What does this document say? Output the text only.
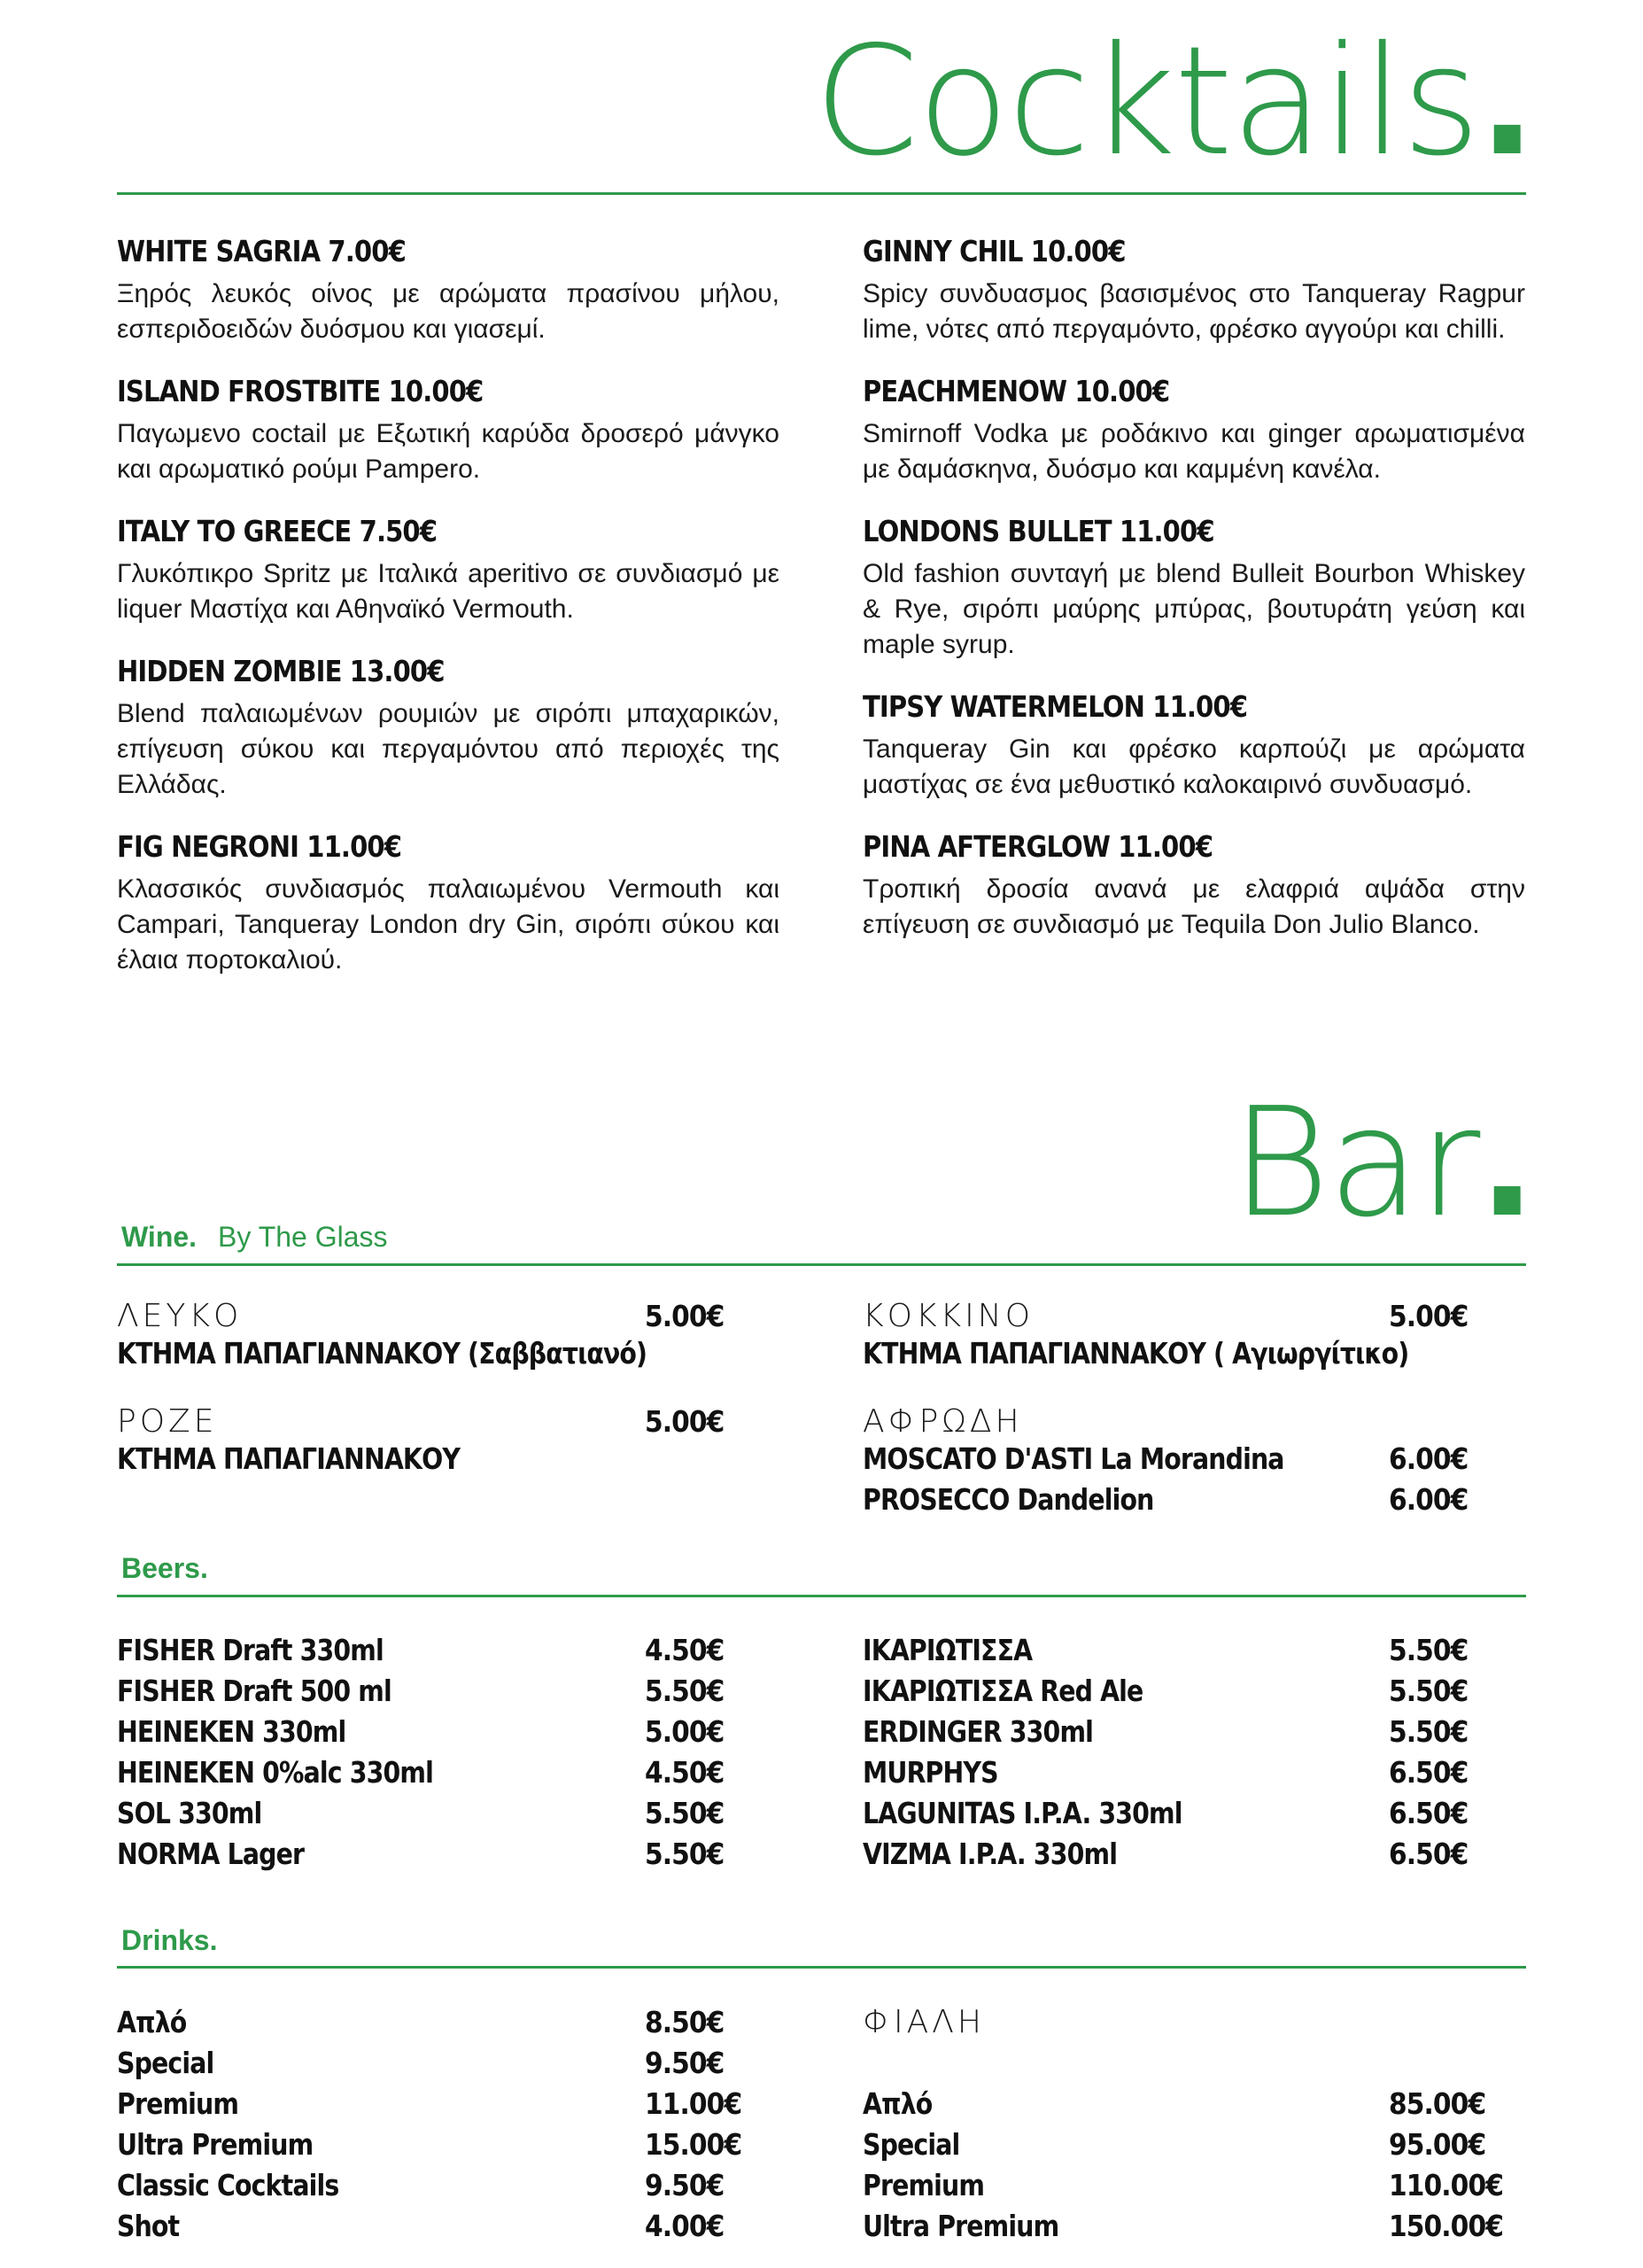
Cocktails.
WHITE SAGRIA 7.00€
Ξηρός λευκός οίνος με αρώματα πρασίνου μήλου, εσπεριδοειδών δυόσμου και γιασεμί.
ISLAND FROSTBITE 10.00€
Παγωμενο coctail με Εξωτική καρύδα δροσερό μάνγκο και αρωματικό ρούμι Pampero.
ITALY TO GREECE 7.50€
Γλυκόπικρο Spritz με Ιταλικά aperitivo σε συνδιασμό με liquer Μαστίχα και Αθηναϊκό Vermouth.
HIDDEN ZOMBIE 13.00€
Blend παλαιωμένων ρουμιών με σιρόπι μπαχαρικών, επίγευση σύκου και περγαμόντου από περιοχές της Ελλάδας.
FIG NEGRONI 11.00€
Κλασσικός συνδιασμός παλαιωμένου Vermouth και Campari, Tanqueray London dry Gin, σιρόπι σύκου και έλαια πορτοκαλιού.
GINNY CHIL 10.00€
Spicy συνδυασμος βασισμένος στο Tanqueray Ragpur lime, νότες από περγαμόντο, φρέσκο αγγούρι και chilli.
PEACHMENOW 10.00€
Smirnoff Vodka με ροδάκινο και ginger αρωματισμένα με δαμάσκηνα, δυόσμο και καμμένη κανέλα.
LONDONS BULLET 11.00€
Old fashion συνταγή με blend Bulleit Bourbon Whiskey & Rye, σιρόπι μαύρης μπύρας, βουτυράτη γεύση και maple syrup.
TIPSY WATERMELON 11.00€
Tanqueray Gin και φρέσκο καρπούζι με αρώματα μαστίχας σε ένα μεθυστικό καλοκαιρινό συνδυασμό.
PINA AFTERGLOW 11.00€
Τροπική δροσία ανανά με ελαφριά αψάδα στην επίγευση σε συνδιασμό με Tequila Don Julio Blanco.
Bar.
Wine. By The Glass
ΛΕΥΚΟ	5.00€
ΚΤΗΜΑ ΠΑΠΑΓΙΑΝΝΑΚΟΥ (Σαββατιανό)
ΚΟΚΚΙΝΟ	5.00€
ΚΤΗΜΑ ΠΑΠΑΓΙΑΝΝΑΚΟΥ ( Αγιωργίτικο)
ΡΟΖΕ	5.00€
ΚΤΗΜΑ ΠΑΠΑΓΙΑΝΝΑΚΟΥ
ΑΦΡΩΔΗ
MOSCATO D'ASTI La Morandina	6.00€
PROSECCO Dandelion	6.00€
Beers.
FISHER Draft 330ml	4.50€
FISHER Draft 500 ml	5.50€
HEINEKEN 330ml	5.00€
HEINEKEN 0%alc 330ml	4.50€
SOL 330ml	5.50€
NORMA Lager	5.50€
ΙΚΑΡΙΩΤΙΣΣΑ	5.50€
ΙΚΑΡΙΩΤΙΣΣΑ Red Ale	5.50€
ERDINGER 330ml	5.50€
MURPHYS	6.50€
LAGUNITAS I.P.A. 330ml	6.50€
VIZMA I.P.A. 330ml	6.50€
Drinks.
Απλό	8.50€
Special	9.50€
Premium	11.00€
Ultra Premium	15.00€
Classic Cocktails	9.50€
Shot	4.00€
ΦΙΑΛΗ
Απλό	85.00€
Special	95.00€
Premium	110.00€
Ultra Premium	150.00€
